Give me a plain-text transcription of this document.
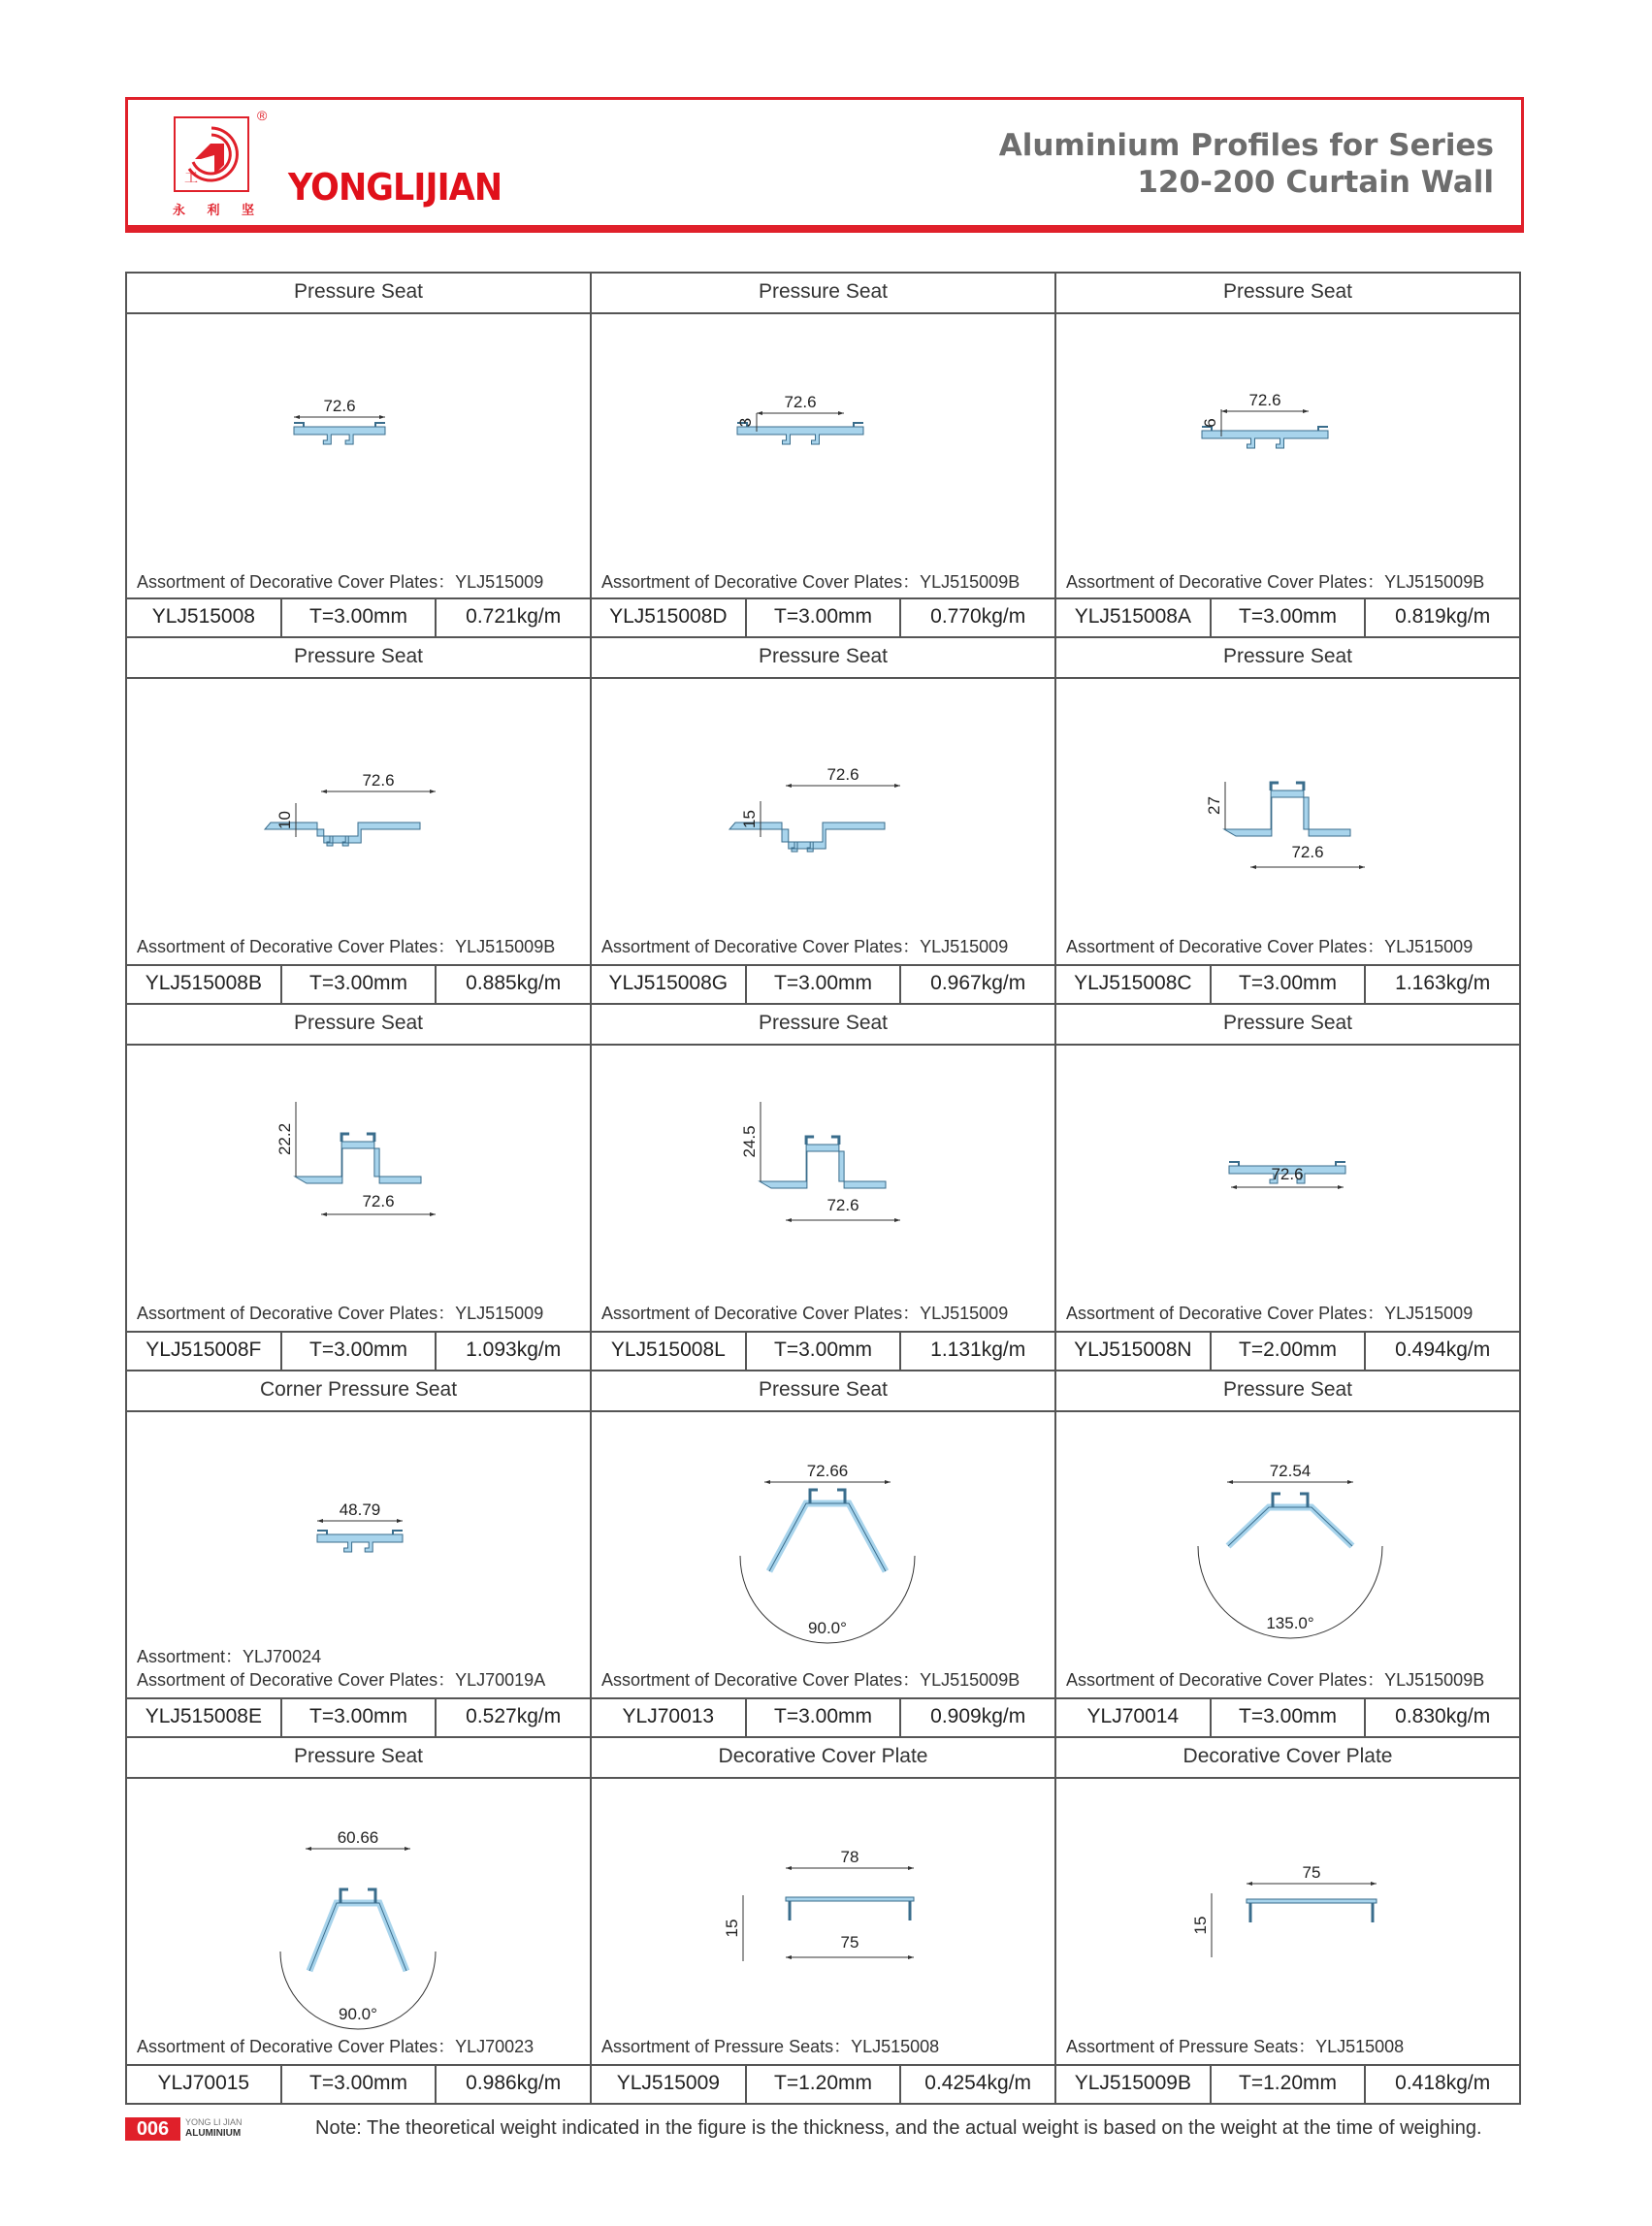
工
®
永 利 坚
YONGLIJIAN
Aluminium Profiles for Series
120-200 Curtain Wall
Pressure Seat
72.6
Assortment of Decorative Cover Plates：YLJ515009
YLJ515008	T=3.00mm	0.721kg/m
Pressure Seat
72.6
3
Assortment of Decorative Cover Plates：YLJ515009B
YLJ515008D	T=3.00mm	0.770kg/m
Pressure Seat
72.6
6
Assortment of Decorative Cover Plates：YLJ515009B
YLJ515008A	T=3.00mm	0.819kg/m
Pressure Seat
72.6
10
Assortment of Decorative Cover Plates：YLJ515009B
YLJ515008B	T=3.00mm	0.885kg/m
Pressure Seat
72.6
15
Assortment of Decorative Cover Plates：YLJ515009
YLJ515008G	T=3.00mm	0.967kg/m
Pressure Seat
72.6
27
Assortment of Decorative Cover Plates：YLJ515009
YLJ515008C	T=3.00mm	1.163kg/m
Pressure Seat
72.6
22.2
Assortment of Decorative Cover Plates：YLJ515009
YLJ515008F	T=3.00mm	1.093kg/m
Pressure Seat
72.6
24.5
Assortment of Decorative Cover Plates：YLJ515009
YLJ515008L	T=3.00mm	1.131kg/m
Pressure Seat
72.6
Assortment of Decorative Cover Plates：YLJ515009
YLJ515008N	T=2.00mm	0.494kg/m
Corner Pressure Seat
48.79
Assortment：YLJ70024
Assortment of Decorative Cover Plates：YLJ70019A
YLJ515008E	T=3.00mm	0.527kg/m
Pressure Seat
72.66
90.0°
Assortment of Decorative Cover Plates：YLJ515009B
YLJ70013	T=3.00mm	0.909kg/m
Pressure Seat
72.54
135.0°
Assortment of Decorative Cover Plates：YLJ515009B
YLJ70014	T=3.00mm	0.830kg/m
Pressure Seat
60.66
90.0°
Assortment of Decorative Cover Plates：YLJ70023
YLJ70015	T=3.00mm	0.986kg/m
Decorative Cover Plate
78
75
15
Assortment of Pressure Seats：YLJ515008
YLJ515009	T=1.20mm	0.4254kg/m
Decorative Cover Plate
75
15
Assortment of Pressure Seats：YLJ515008
YLJ515009B	T=1.20mm	0.418kg/m
006	YONG LI JIAN
ALUMINIUM	Note: The theoretical weight indicated in the figure is the thickness, and the actual weight is based on the weight at the time of weighing.
